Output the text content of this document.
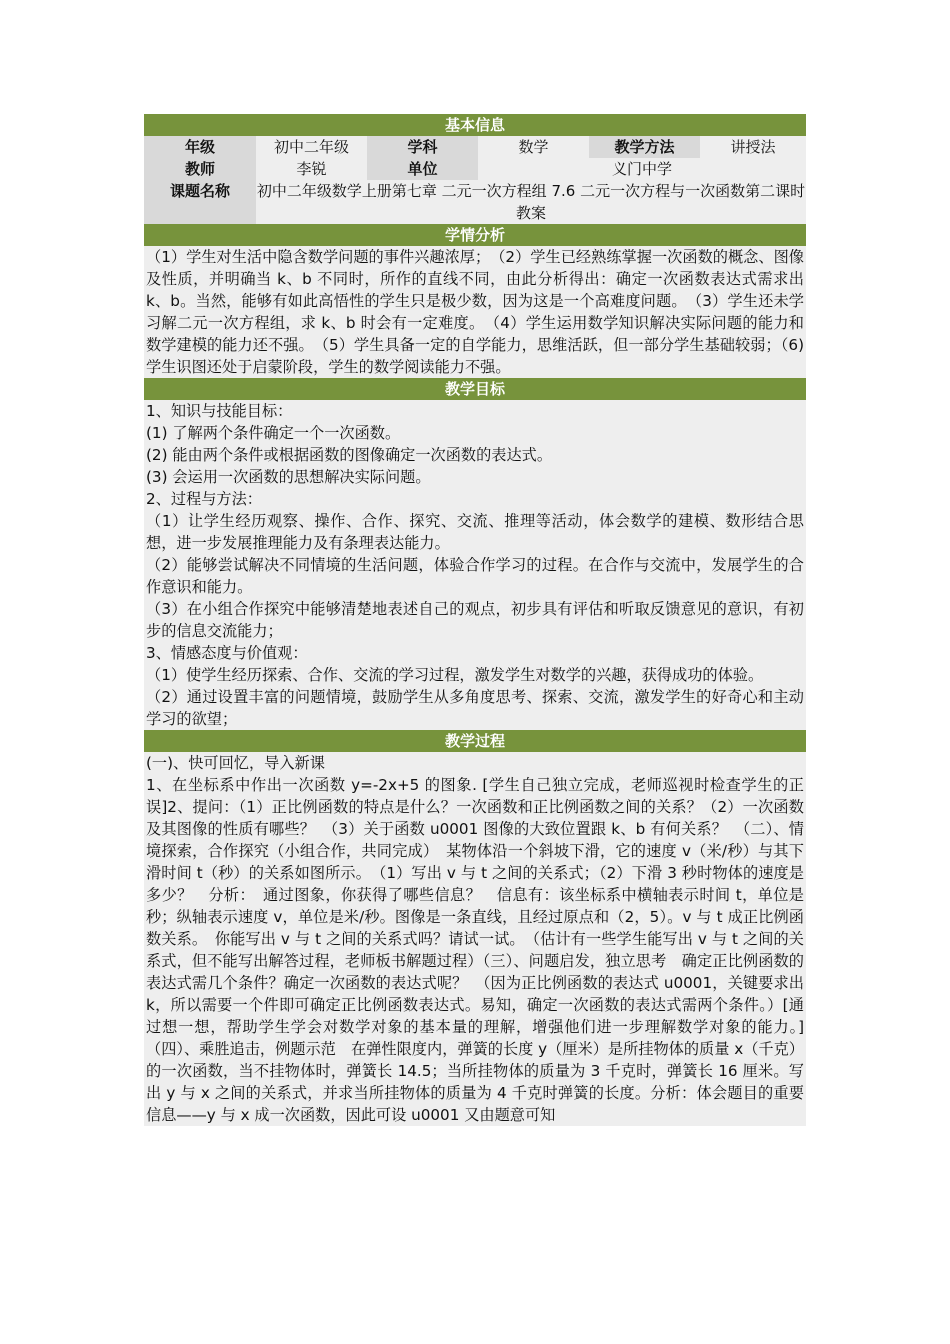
基本信息
年级	初中二年级	学科	数学	教学方法	讲授法
教师	李锐	单位	义门中学
课题名称 初中二年级数学上册第七章 二元一次方程组 7.6 二元一次方程与一次函数第二课时教案
学情分析

（1）学生对生活中隐含数学问题的事件兴趣浓厚；　（2）学生已经熟练掌握一次函数的概念、图像及性质，并明确当 k、b 不同时，所作的直线不同，由此分析得出：确定一次函数表达式需求出 k、b。当然，能够有如此高悟性的学生只是极少数，因为这是一个高难度问题。　（3）学生还未学习解二元一次方程组，求 k、b 时会有一定难度。　（4）学生运用数学知识解决实际问题的能力和数学建模的能力还不强。　（5）学生具备一定的自学能力，思维活跃，但一部分学生基础较弱；（6) 学生识图还处于启蒙阶段，学生的数学阅读能力不强。

教学目标

1、知识与技能目标：

(1) 了解两个条件确定一个一次函数。

(2) 能由两个条件或根据函数的图像确定一次函数的表达式。

(3) 会运用一次函数的思想解决实际问题。

2、过程与方法：

（1）让学生经历观察、操作、合作、探究、交流、推理等活动，体会数学的建模、数形结合思想，进一步发展推理能力及有条理表达能力。

（2）能够尝试解决不同情境的生活问题，体验合作学习的过程。在合作与交流中，发展学生的合作意识和能力。

（3）在小组合作探究中能够清楚地表述自己的观点，初步具有评估和听取反馈意见的意识，有初步的信息交流能力；

3、情感态度与价值观：

（1）使学生经历探索、合作、交流的学习过程，激发学生对数学的兴趣，获得成功的体验。

（2）通过设置丰富的问题情境，鼓励学生从多角度思考、探索、交流，激发学生的好奇心和主动学习的欲望；

教学过程

(一)、快可回忆，导入新课

1、在坐标系中作出一次函数 y=-2x+5 的图象. [学生自己独立完成，老师巡视时检查学生的正误]2、提问：（1）正比例函数的特点是什么？一次函数和正比例函数之间的关系？（2）一次函数及其图像的性质有哪些？　（3）关于函数 u0001 图像的大致位置跟 k、b 有何关系？　（二）、情境探索，合作探究（小组合作，共同完成）　某物体沿一个斜坡下滑，它的速度 v（米/秒）与其下滑时间 t（秒）的关系如图所示。　（1）写出 v 与 t 之间的关系式；（2）下滑 3 秒时物体的速度是多少？　分析：　通过图象，你获得了哪些信息？　信息有：该坐标系中横轴表示时间 t，单位是秒；纵轴表示速度 v，单位是米/秒。图像是一条直线，且经过原点和（2，5）。v 与 t 成正比例函数关系。　你能写出 v 与 t 之间的关系式吗？请试一试。　（估计有一些学生能写出 v 与 t 之间的关系式，但不能写出解答过程，老师板书解题过程）（三）、问题启发，独立思考　确定正比例函数的表达式需几个条件？确定一次函数的表达式呢？　（因为正比例函数的表达式 u0001，关键要求出 k，所以需要一个件即可确定正比例函数表达式。易知，确定一次函数的表达式需两个条件。）[通过想一想，帮助学生学会对数学对象的基本量的理解，增强他们进一步理解数学对象的能力。]（四）、乘胜追击，例题示范　在弹性限度内，弹簧的长度 y（厘米）是所挂物体的质量 x（千克）的一次函数，当不挂物体时，弹簧长 14.5；当所挂物体的质量为 3 千克时，弹簧长 16 厘米。写出 y 与 x 之间的关系式，并求当所挂物体的质量为 4 千克时弹簧的长度。分析：体会题目的重要信息——y 与 x 成一次函数，因此可设 u0001 又由题意可知
